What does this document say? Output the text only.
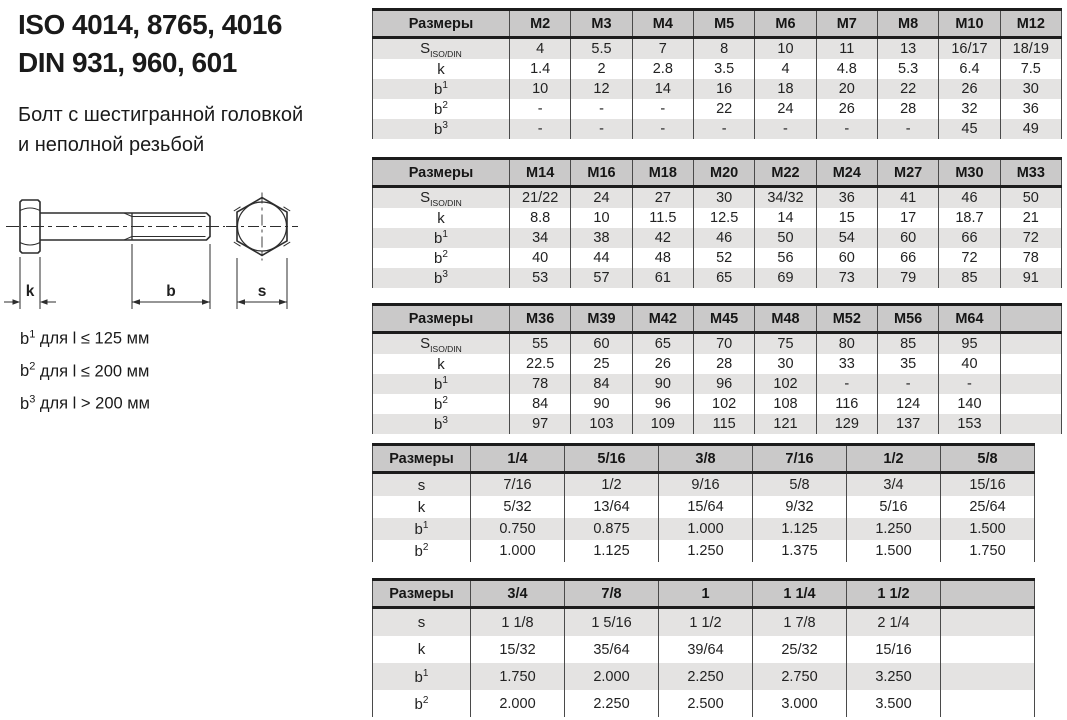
ISO 4014, 8765, 4016

DIN 931, 960, 601

Болт с шестигранной головкой
и неполной резьбой

k	b	s
$b^1$ для l ≤ 125 мм
$b^2$ для l ≤ 200 мм
$b^3$ для l > 200 мм
Размеры	M2	M3	M4	M5	M6	M7	M8	M10	M12
$S_{ISO/DIN}$	4	5.5	7	8	10	11	13	16/17	18/19
k	1.4	2	2.8	3.5	4	4.8	5.3	6.4	7.5
$b^1$	10	12	14	16	18	20	22	26	30
$b^2$	-	-	-	22	24	26	28	32	36
$b^3$	-	-	-	-	-	-	-	45	49
Размеры	M14	M16	M18	M20	M22	M24	M27	M30	M33
$S_{ISO/DIN}$	21/22	24	27	30	34/32	36	41	46	50
k	8.8	10	11.5	12.5	14	15	17	18.7	21
$b^1$	34	38	42	46	50	54	60	66	72
$b^2$	40	44	48	52	56	60	66	72	78
$b^3$	53	57	61	65	69	73	79	85	91
Размеры	M36	M39	M42	M45	M48	M52	M56	M64	
$S_{ISO/DIN}$	55	60	65	70	75	80	85	95	
k	22.5	25	26	28	30	33	35	40	
$b^1$	78	84	90	96	102	-	-	-	
$b^2$	84	90	96	102	108	116	124	140	
$b^3$	97	103	109	115	121	129	137	153	
Размеры	1/4	5/16	3/8	7/16	1/2	5/8
s	7/16	1/2	9/16	5/8	3/4	15/16
k	5/32	13/64	15/64	9/32	5/16	25/64
$b^1$	0.750	0.875	1.000	1.125	1.250	1.500
$b^2$	1.000	1.125	1.250	1.375	1.500	1.750
Размеры	3/4	7/8	1	1 1/4	1 1/2	
s	1 1/8	1 5/16	1 1/2	1 7/8	2 1/4	
k	15/32	35/64	39/64	25/32	15/16	
$b^1$	1.750	2.000	2.250	2.750	3.250	
$b^2$	2.000	2.250	2.500	3.000	3.500	
